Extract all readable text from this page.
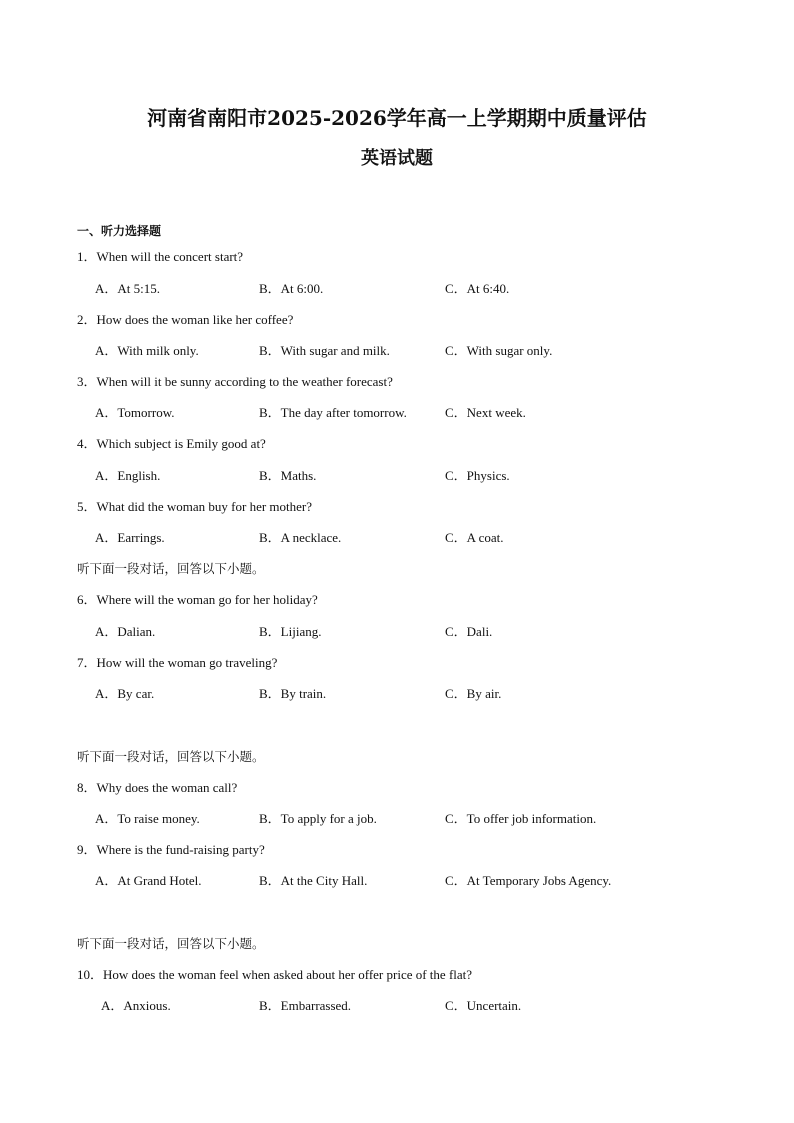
河南省南阳市2025-2026学年高一上学期期中质量评估
英语试题
一、听力选择题
1．When will the concert start?
A．At 5:15.	B．At 6:00.	C．At 6:40.
2．How does the woman like her coffee?
A．With milk only.	B．With sugar and milk.	C．With sugar only.
3．When will it be sunny according to the weather forecast?
A．Tomorrow.	B．The day after tomorrow.	C．Next week.
4．Which subject is Emily good at?
A．English.	B．Maths.	C．Physics.
5．What did the woman buy for her mother?
A．Earrings.	B．A necklace.	C．A coat.
听下面一段对话，回答以下小题。
6．Where will the woman go for her holiday?
A．Dalian.	B．Lijiang.	C．Dali.
7．How will the woman go traveling?
A．By car.	B．By train.	C．By air.
听下面一段对话，回答以下小题。
8．Why does the woman call?
A．To raise money.	B．To apply for a job.	C．To offer job information.
9．Where is the fund-raising party?
A．At Grand Hotel.	B．At the City Hall.	C．At Temporary Jobs Agency.
听下面一段对话，回答以下小题。
10．How does the woman feel when asked about her offer price of the flat?
A．Anxious.	B．Embarrassed.	C．Uncertain.
